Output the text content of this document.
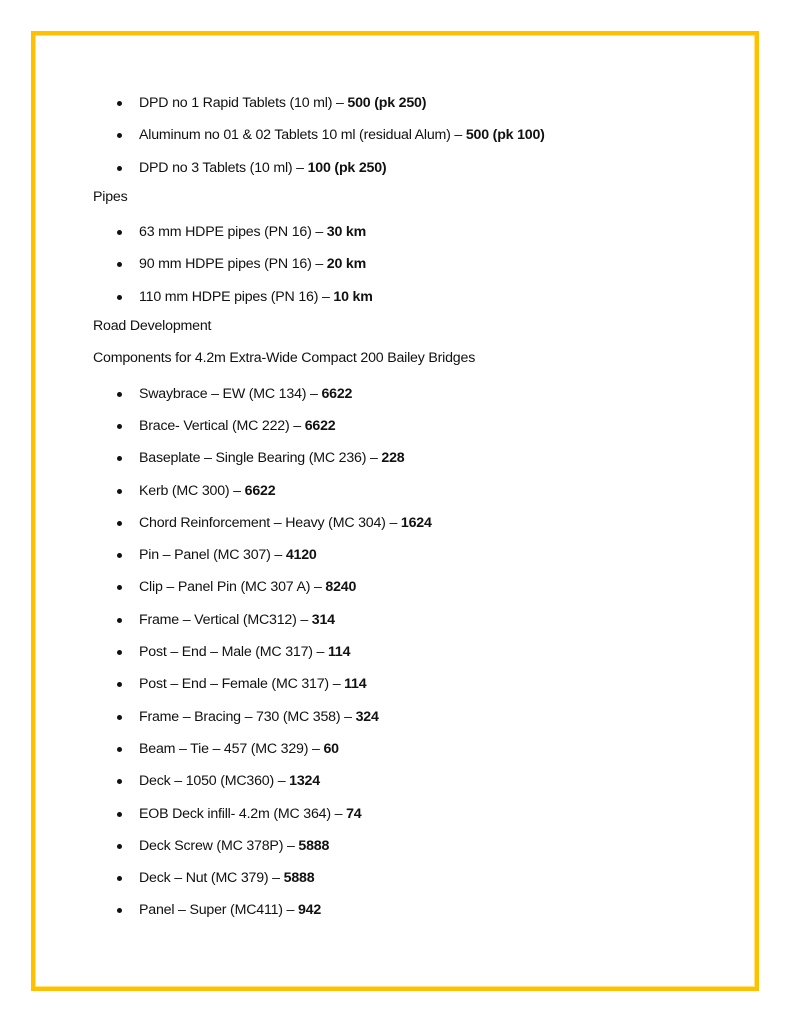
DPD no 1 Rapid Tablets (10 ml) – 500 (pk 250)
Aluminum no 01 & 02 Tablets 10 ml (residual Alum) – 500 (pk 100)
DPD no 3 Tablets (10 ml) – 100 (pk 250)

Pipes

63 mm HDPE pipes (PN 16) – 30 km
90 mm HDPE pipes (PN 16) – 20 km
110 mm HDPE pipes (PN 16) – 10 km

Road Development

Components for 4.2m Extra-Wide Compact 200 Bailey Bridges

Swaybrace – EW (MC 134) – 6622
Brace- Vertical (MC 222) – 6622
Baseplate – Single Bearing (MC 236) – 228
Kerb (MC 300) – 6622
Chord Reinforcement – Heavy (MC 304) – 1624
Pin – Panel (MC 307) – 4120
Clip – Panel Pin (MC 307 A) – 8240
Frame – Vertical (MC312) – 314
Post – End – Male (MC 317) – 114
Post – End – Female (MC 317) – 114
Frame – Bracing – 730 (MC 358) – 324
Beam – Tie – 457 (MC 329) – 60
Deck – 1050 (MC360) – 1324
EOB Deck infill- 4.2m (MC 364) – 74
Deck Screw (MC 378P) – 5888
Deck – Nut (MC 379) – 5888
Panel – Super (MC411) – 942
